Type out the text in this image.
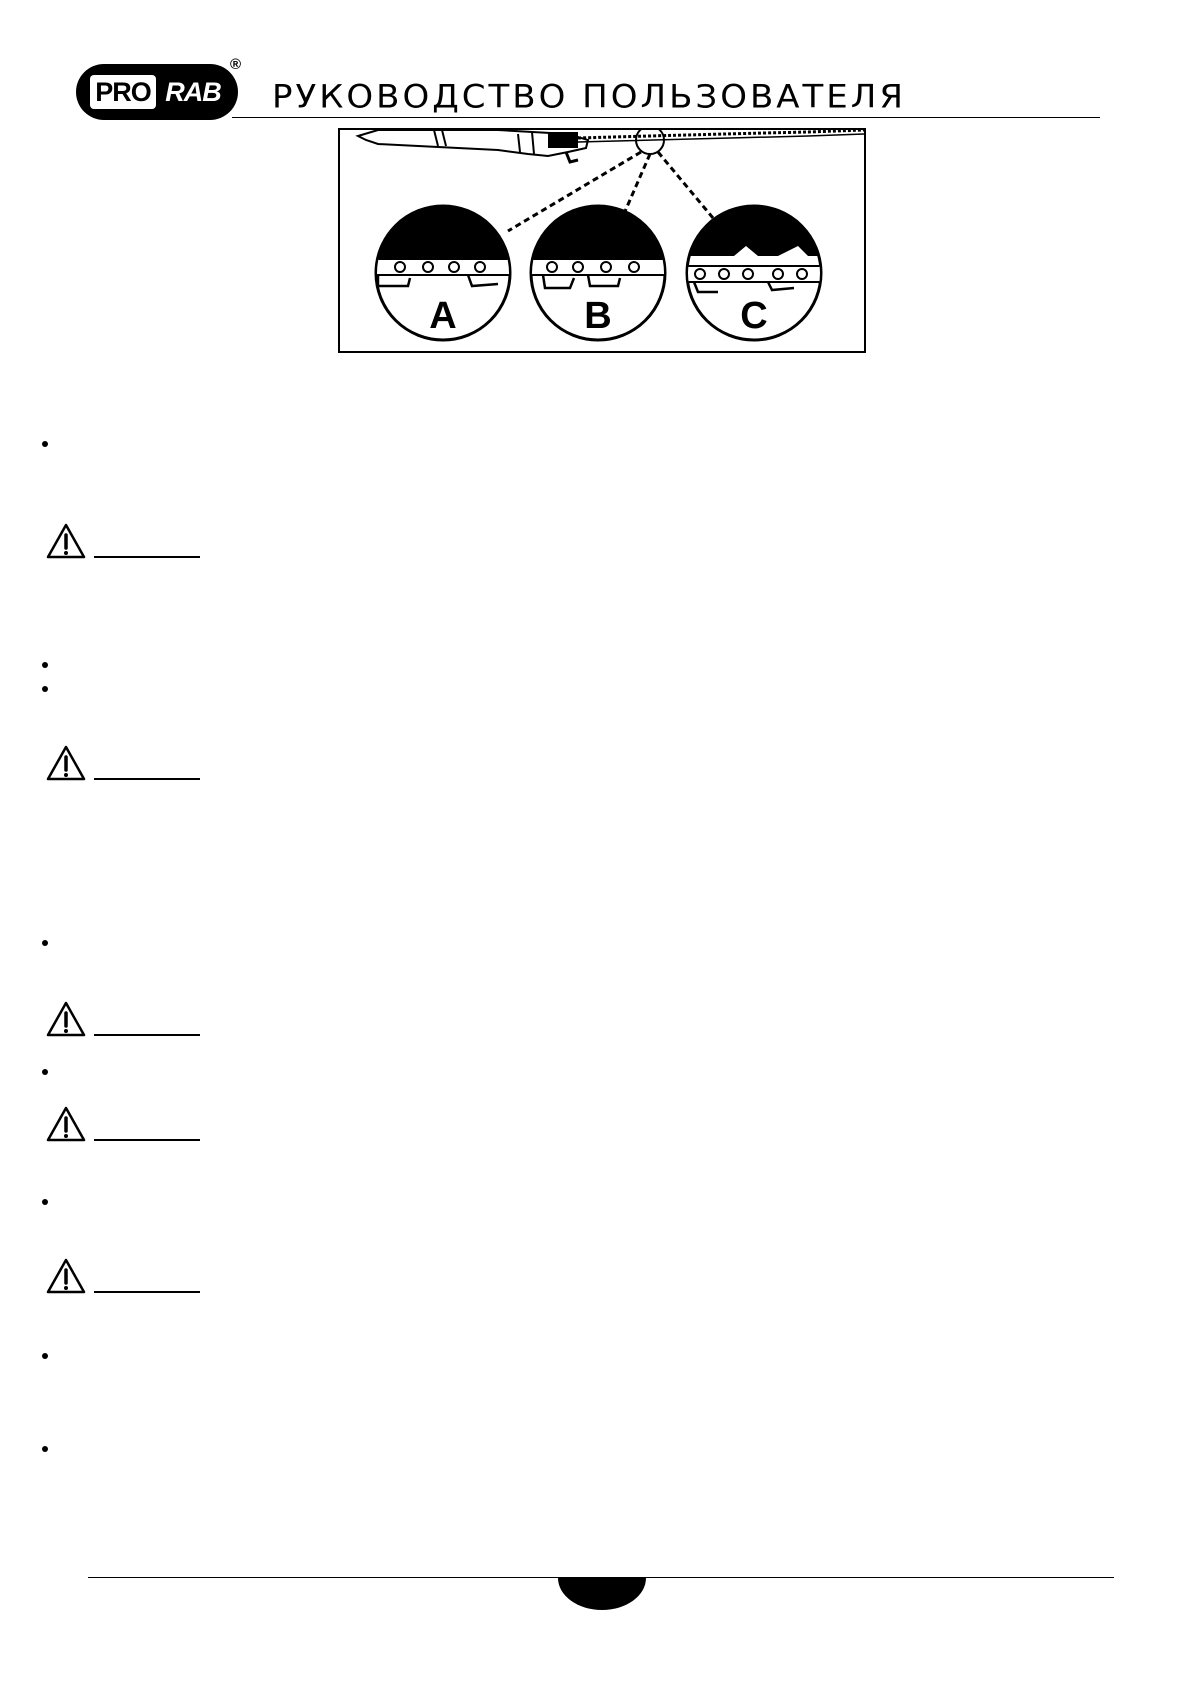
PRO RAB
®
РУКОВОДСТВО ПОЛЬЗОВАТЕЛЯ
A	B	C
